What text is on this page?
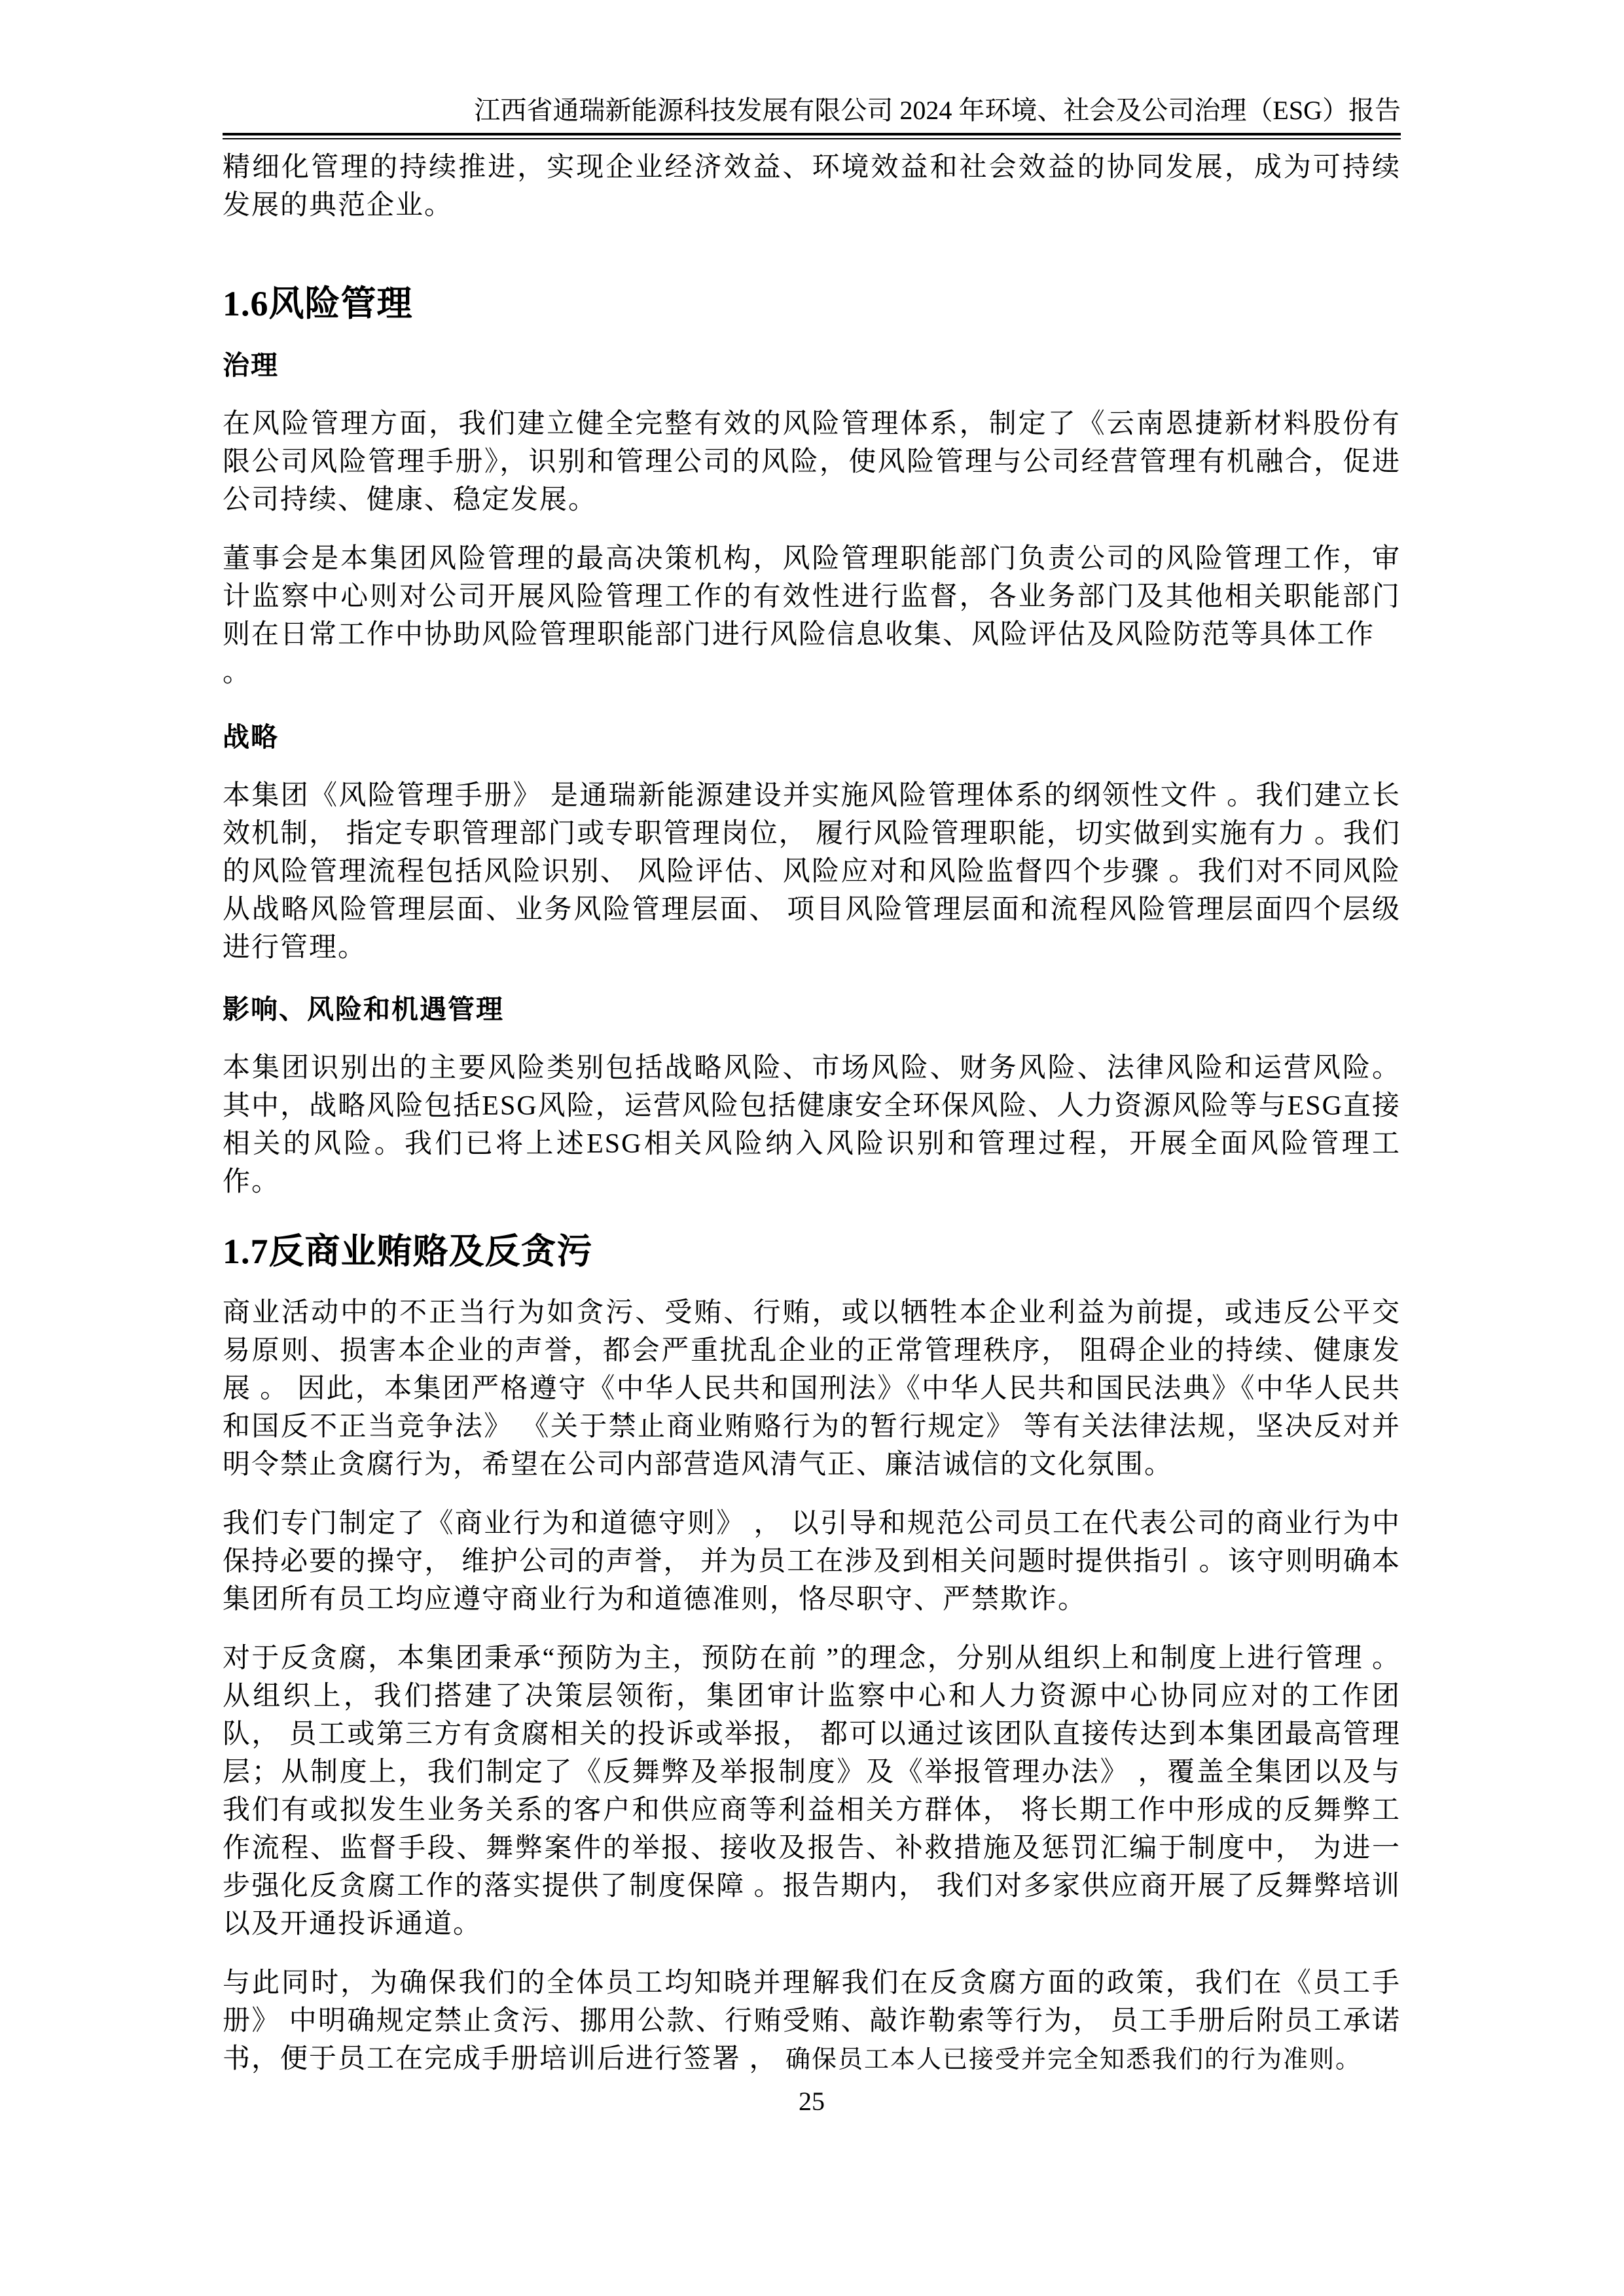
江西省通瑞新能源科技发展有限公司 2024 年环境、社会及公司治理（ESG）报告

精细化管理的持续推进，实现企业经济效益、环境效益和社会效益的协同发展，成为可持续发展的典范企业。

1.6风险管理
治理

在风险管理方面，我们建立健全完整有效的风险管理体系，制定了《云南恩捷新材料股份有限公司风险管理手册》，识别和管理公司的风险，使风险管理与公司经营管理有机融合，促进公司持续、健康、稳定发展。

董事会是本集团风险管理的最高决策机构，风险管理职能部门负责公司的风险管理工作，审计监察中心则对公司开展风险管理工作的有效性进行监督，各业务部门及其他相关职能部门则在日常工作中协助风险管理职能部门进行风险信息收集、风险评估及风险防范等具体工作
。

战略

本集团《风险管理手册》 是通瑞新能源建设并实施风险管理体系的纲领性文件 。我们建立长效机制， 指定专职管理部门或专职管理岗位， 履行风险管理职能，切实做到实施有力 。我们的风险管理流程包括风险识别、 风险评估、风险应对和风险监督四个步骤 。我们对不同风险从战略风险管理层面、业务风险管理层面、 项目风险管理层面和流程风险管理层面四个层级进行管理。

影响、风险和机遇管理

本集团识别出的主要风险类别包括战略风险、市场风险、财务风险、法律风险和运营风险。其中，战略风险包括ESG风险，运营风险包括健康安全环保风险、人力资源风险等与ESG直接相关的风险。我们已将上述ESG相关风险纳入风险识别和管理过程，开展全面风险管理工作。

1.7反商业贿赂及反贪污

商业活动中的不正当行为如贪污、受贿、行贿，或以牺牲本企业利益为前提，或违反公平交易原则、损害本企业的声誉，都会严重扰乱企业的正常管理秩序， 阻碍企业的持续、健康发展 。 因此，本集团严格遵守《中华人民共和国刑法》《中华人民共和国民法典》《中华人民共和国反不正当竞争法》 《关于禁止商业贿赂行为的暂行规定》 等有关法律法规，坚决反对并明令禁止贪腐行为，希望在公司内部营造风清气正、廉洁诚信的文化氛围。

我们专门制定了《商业行为和道德守则》 ， 以引导和规范公司员工在代表公司的商业行为中保持必要的操守， 维护公司的声誉， 并为员工在涉及到相关问题时提供指引 。该守则明确本集团所有员工均应遵守商业行为和道德准则，恪尽职守、严禁欺诈。

对于反贪腐，本集团秉承“预防为主，预防在前 ”的理念，分别从组织上和制度上进行管理 。从组织上，我们搭建了决策层领衔，集团审计监察中心和人力资源中心协同应对的工作团队， 员工或第三方有贪腐相关的投诉或举报， 都可以通过该团队直接传达到本集团最高管理层；从制度上，我们制定了《反舞弊及举报制度》及《举报管理办法》 ，覆盖全集团以及与我们有或拟发生业务关系的客户和供应商等利益相关方群体， 将长期工作中形成的反舞弊工作流程、监督手段、舞弊案件的举报、接收及报告、补救措施及惩罚汇编于制度中， 为进一步强化反贪腐工作的落实提供了制度保障 。报告期内， 我们对多家供应商开展了反舞弊培训以及开通投诉通道。

与此同时，为确保我们的全体员工均知晓并理解我们在反贪腐方面的政策，我们在《员工手册》 中明确规定禁止贪污、挪用公款、行贿受贿、敲诈勒索等行为， 员工手册后附员工承诺书，便于员工在完成手册培训后进行签署 ， 确保员工本人已接受并完全知悉我们的行为准则。

25
